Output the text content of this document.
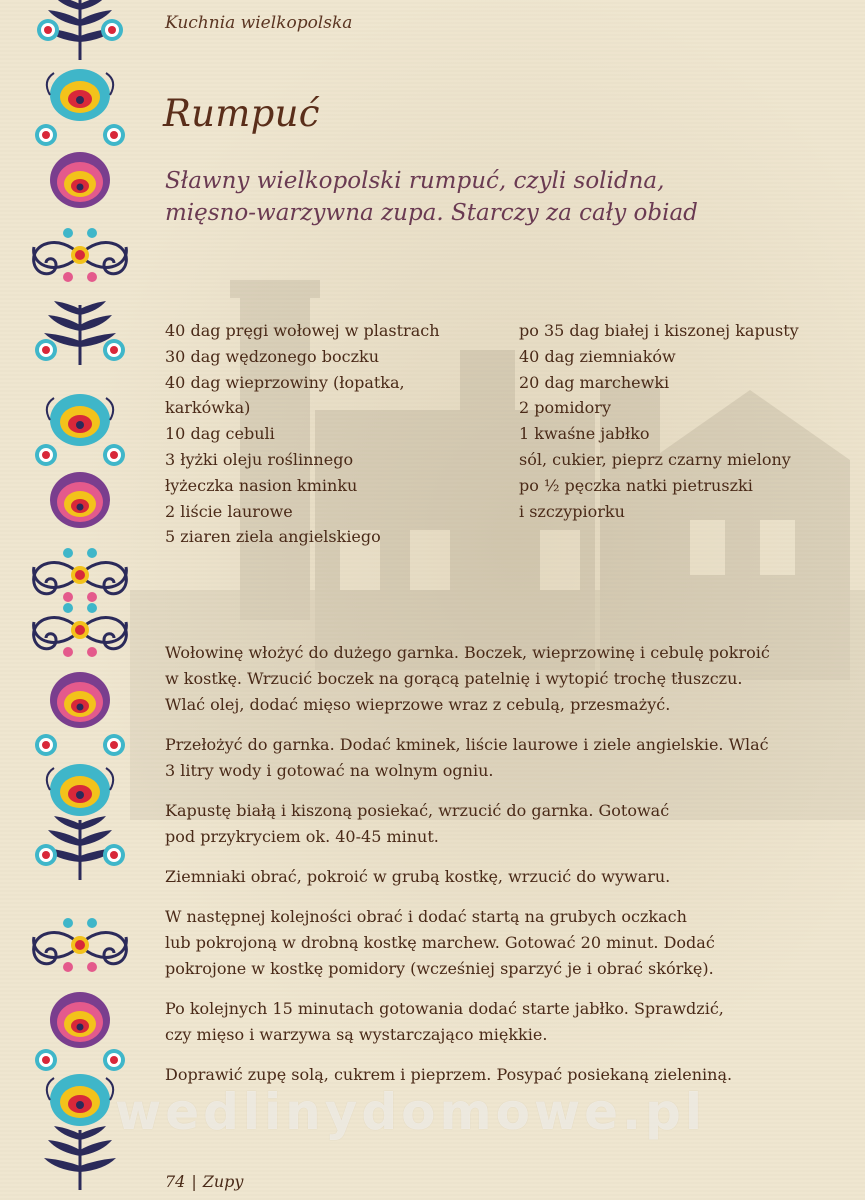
Kuchnia wielkopolska
Rumpuć
Sławny wielkopolski rumpuć, czyli solidna,
mięsno-warzywna zupa. Starczy za cały obiad
40 dag pręgi wołowej w plastrach
30 dag wędzonego boczku
40 dag wieprzowiny (łopatka,
karkówka)
10 dag cebuli
3 łyżki oleju roślinnego
łyżeczka nasion kminku
2 liście laurowe
5 ziaren ziela angielskiego
po 35 dag białej i kiszonej kapusty
40 dag ziemniaków
20 dag marchewki
2 pomidory
1 kwaśne jabłko
sól, cukier, pieprz czarny mielony
po ½ pęczka natki pietruszki
i szczypiorku

Wołowinę włożyć do dużego garnka. Boczek, wieprzowinę i cebulę pokroić
w kostkę. Wrzucić boczek na gorącą patelnię i wytopić trochę tłuszczu.
Wlać olej, dodać mięso wieprzowe wraz z cebulą, przesmażyć.

Przełożyć do garnka. Dodać kminek, liście laurowe i ziele angielskie. Wlać
3 litry wody i gotować na wolnym ogniu.

Kapustę białą i kiszoną posiekać, wrzucić do garnka. Gotować
pod przykryciem ok. 40-45 minut.

Ziemniaki obrać, pokroić w grubą kostkę, wrzucić do wywaru.

W następnej kolejności obrać i dodać startą na grubych oczkach
lub pokrojoną w drobną kostkę marchew. Gotować 20 minut. Dodać
pokrojone w kostkę pomidory (wcześniej sparzyć je i obrać skórkę).

Po kolejnych 15 minutach gotowania dodać starte jabłko. Sprawdzić,
czy mięso i warzywa są wystarczająco miękkie.

Doprawić zupę solą, cukrem i pieprzem. Posypać posiekaną zieleniną.

wedlinydomowe.pl
74 | Zupy
